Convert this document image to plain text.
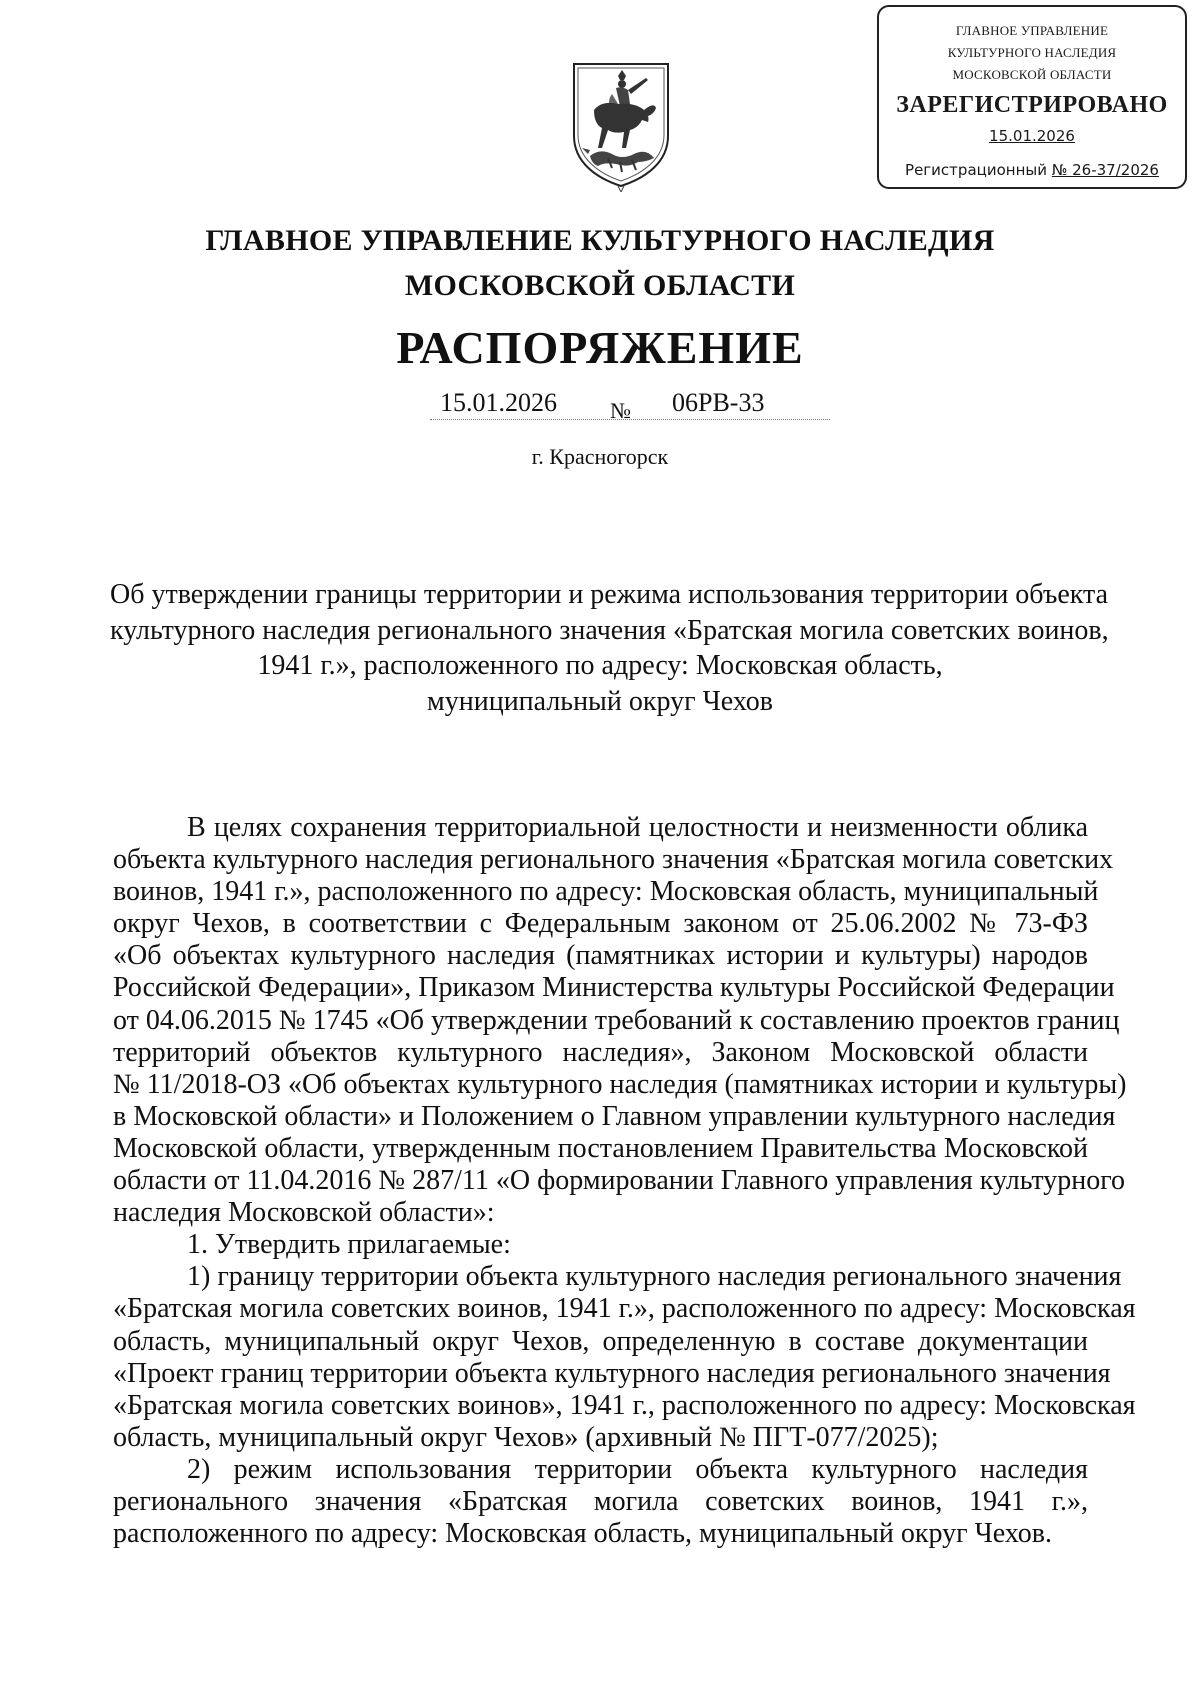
ГЛАВНОЕ УПРАВЛЕНИЕ
КУЛЬТУРНОГО НАСЛЕДИЯ
МОСКОВСКОЙ ОБЛАСТИ
ЗАРЕГИСТРИРОВАНО
15.01.2026
Регистрационный № 26-37/2026
ГЛАВНОЕ УПРАВЛЕНИЕ КУЛЬТУРНОГО НАСЛЕДИЯ
МОСКОВСКОЙ ОБЛАСТИ
РАСПОРЯЖЕНИЕ
15.01.2026 № 06РВ-33
г. Красногорск
Об утверждении границы территории и режима использования территории объекта
культурного наследия регионального значения «Братская могила советских воинов,
1941 г.», расположенного по адресу: Московская область,
муниципальный округ Чехов
В целях сохранения территориальной целостности и неизменности облика
объекта культурного наследия регионального значения «Братская могила советских
воинов, 1941 г.», расположенного по адресу: Московская область, муниципальный
округ Чехов, в соответствии с Федеральным законом от 25.06.2002 № 73-ФЗ
«Об объектах культурного наследия (памятниках истории и культуры) народов
Российской Федерации», Приказом Министерства культуры Российской Федерации
от 04.06.2015 № 1745 «Об утверждении требований к составлению проектов границ
территорий объектов культурного наследия», Законом Московской области
№ 11/2018-ОЗ «Об объектах культурного наследия (памятниках истории и культуры)
в Московской области» и Положением о Главном управлении культурного наследия
Московской области, утвержденным постановлением Правительства Московской
области от 11.04.2016 № 287/11 «О формировании Главного управления культурного
наследия Московской области»:
1. Утвердить прилагаемые:
1) границу территории объекта культурного наследия регионального значения
«Братская могила советских воинов, 1941 г.», расположенного по адресу: Московская
область, муниципальный округ Чехов, определенную в составе документации
«Проект границ территории объекта культурного наследия регионального значения
«Братская могила советских воинов», 1941 г., расположенного по адресу: Московская
область, муниципальный округ Чехов» (архивный № ПГТ-077/2025);
2) режим использования территории объекта культурного наследия
регионального значения «Братская могила советских воинов, 1941 г.»,
расположенного по адресу: Московская область, муниципальный округ Чехов.
